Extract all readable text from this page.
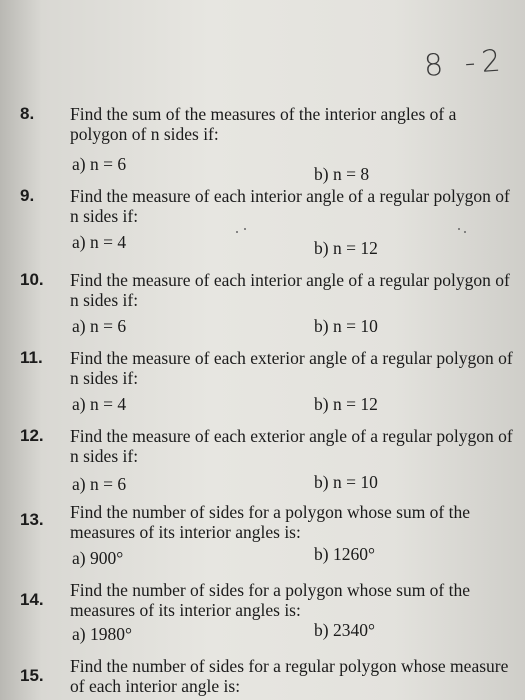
8 -2
8.	Find the sum of the measures of the interior angles of a polygon of n sides if:
a) n = 6	b) n = 8
9.	Find the measure of each interior angle of a regular polygon of n sides if:
a) n = 4	b) n = 12
10.	Find the measure of each interior angle of a regular polygon of n sides if:
a) n = 6	b) n = 10
11.	Find the measure of each exterior angle of a regular polygon of n sides if:
a) n = 4	b) n = 12
12.	Find the measure of each exterior angle of a regular polygon of n sides if:
a) n = 6	b) n = 10
13.	Find the number of sides for a polygon whose sum of the measures of its interior angles is:
a) 900°	b) 1260°
14.	Find the number of sides for a polygon whose sum of the measures of its interior angles is:
a) 1980°	b) 2340°
15.	Find the number of sides for a regular polygon whose measure of each interior angle is:
